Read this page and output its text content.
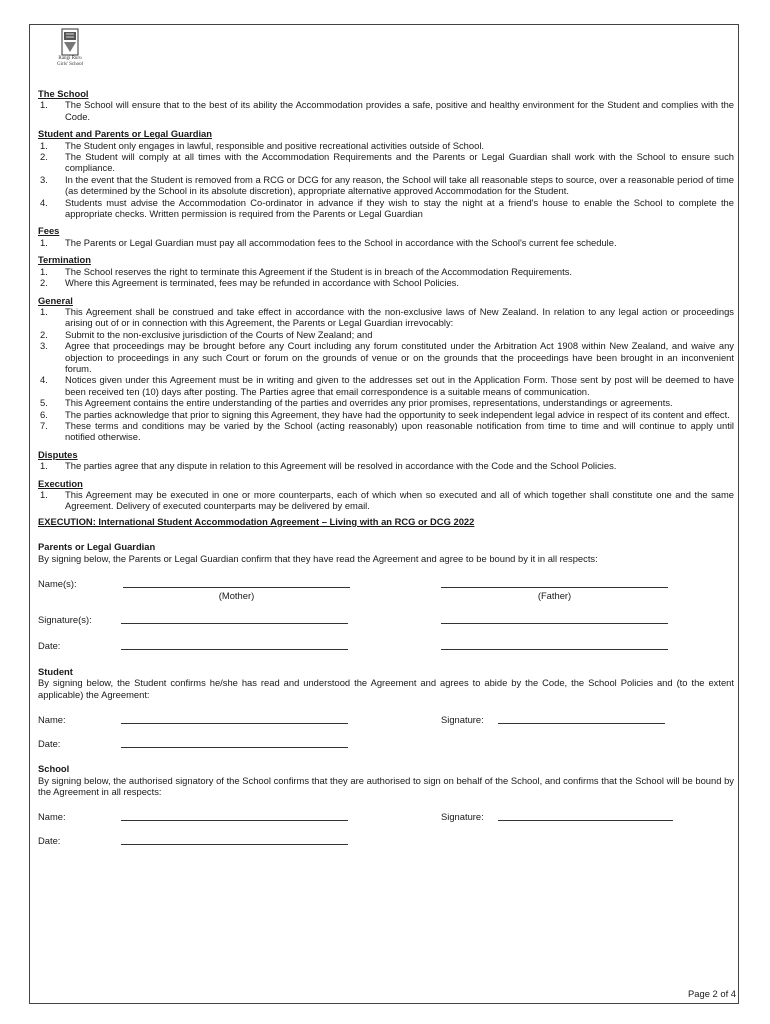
Rangi Ruru
Girls' School
The School
1.	The School will ensure that to the best of its ability the Accommodation provides a safe, positive and healthy environment for the Student and complies with the Code.
Student and Parents or Legal Guardian
1.	The Student only engages in lawful, responsible and positive recreational activities outside of School.
2.	The Student will comply at all times with the Accommodation Requirements and the Parents or Legal Guardian shall work with the School to ensure such compliance.
3.	In the event that the Student is removed from a RCG or DCG for any reason, the School will take all reasonable steps to source, over a reasonable period of time (as determined by the School in its absolute discretion), appropriate alternative approved Accommodation for the Student.
4.	Students must advise the Accommodation Co-ordinator in advance if they wish to stay the night at a friend's house to enable the School to complete the appropriate checks. Written permission is required from the Parents or Legal Guardian
Fees
1.	The Parents or Legal Guardian must pay all accommodation fees to the School in accordance with the School's current fee schedule.
Termination
1.	The School reserves the right to terminate this Agreement if the Student is in breach of the Accommodation Requirements.
2.	Where this Agreement is terminated, fees may be refunded in accordance with School Policies.
General
1.	This Agreement shall be construed and take effect in accordance with the non-exclusive laws of New Zealand. In relation to any legal action or proceedings arising out of or in connection with this Agreement, the Parents or Legal Guardian irrevocably:
2.	Submit to the non-exclusive jurisdiction of the Courts of New Zealand; and
3.	Agree that proceedings may be brought before any Court including any forum constituted under the Arbitration Act 1908 within New Zealand, and waive any objection to proceedings in any such Court or forum on the grounds of venue or on the grounds that the proceedings have been brought in an inconvenient forum.
4.	Notices given under this Agreement must be in writing and given to the addresses set out in the Application Form. Those sent by post will be deemed to have been received ten (10) days after posting. The Parties agree that email correspondence is a suitable means of communication.
5.	This Agreement contains the entire understanding of the parties and overrides any prior promises, representations, understandings or agreements.
6.	The parties acknowledge that prior to signing this Agreement, they have had the opportunity to seek independent legal advice in respect of its content and effect.
7.	These terms and conditions may be varied by the School (acting reasonably) upon reasonable notification from time to time and will continue to apply until notified otherwise.
Disputes
1.	The parties agree that any dispute in relation to this Agreement will be resolved in accordance with the Code and the School Policies.
Execution
1.	This Agreement may be executed in one or more counterparts, each of which when so executed and all of which together shall constitute one and the same Agreement. Delivery of executed counterparts may be delivered by email.
EXECUTION: International Student Accommodation Agreement – Living with an RCG or DCG 2022
Parents or Legal Guardian
By signing below, the Parents or Legal Guardian confirm that they have read the Agreement and agree to be bound by it in all respects:
Name(s):
(Mother)	(Father)
Signature(s):
Date:
Student
By signing below, the Student confirms he/she has read and understood the Agreement and agrees to abide by the Code, the School Policies and (to the extent applicable) the Agreement:
Name:	Signature:
Date:
School
By signing below, the authorised signatory of the School confirms that they are authorised to sign on behalf of the School, and confirms that the School will be bound by the Agreement in all respects:
Name:	Signature:
Date:
Page 2 of 4
